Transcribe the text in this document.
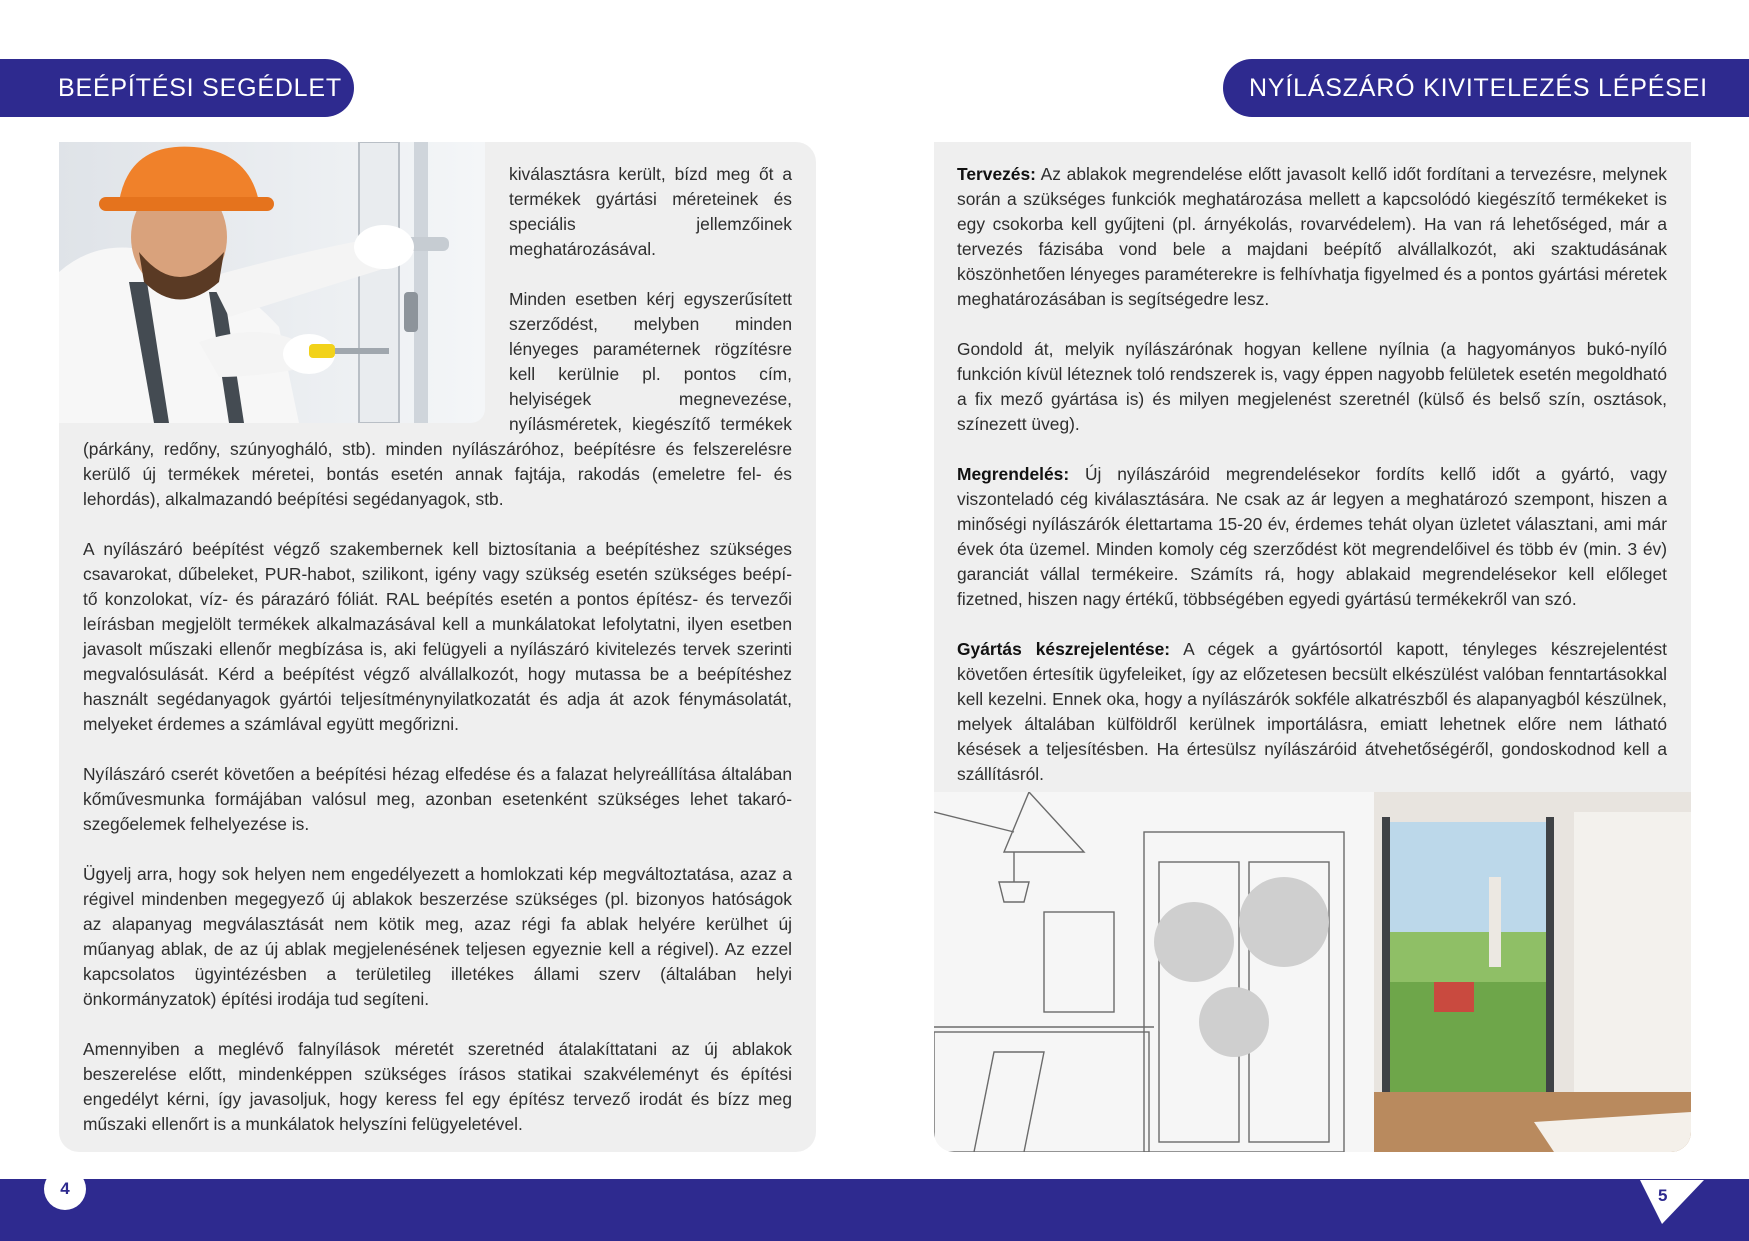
BEÉPÍTÉSI SEGÉDLET	NYÍLÁSZÁRÓ KIVITELEZÉS LÉPÉSEI

kiválasztásra került, bízd meg őt a termékek gyártási méreteinek és speciális jellemzőinek meghatározásával.

Minden esetben kérj egyszerűsített szerződést, melyben minden lényeges paraméternek rögzítésre kell kerülnie pl. pontos cím, helyiségek megnevezése, nyílásméretek, kiegészítő termékek (párkány, redőny, szúnyogháló, stb). minden nyílászáróhoz, beépítésre és felszerelésre kerülő új termékek méretei, bontás esetén annak fajtája, rakodás (emeletre fel- és lehordás), alkalmazandó beépítési segédanyagok, stb.

A nyílászáró beépítést végző szakembernek kell biztosítania a beépítéshez szükséges csavarokat, dűbeleket, PUR-habot, szilikont, igény vagy szükség esetén szükséges beépí-tő konzolokat, víz- és párazáró fóliát. RAL beépítés esetén a pontos építész- és tervezői leírásban megjelölt termékek alkalmazásával kell a munkálatokat lefolytatni, ilyen esetben javasolt műszaki ellenőr megbízása is, aki felügyeli a nyílászáró kivitelezés tervek szerinti megvalósulását. Kérd a beépítést végző alvállalkozót, hogy mutassa be a beépítéshez használt segédanyagok gyártói teljesítménynyilatkozatát és adja át azok fénymásolatát, melyeket érdemes a számlával együtt megőrizni.

Nyílászáró cserét követően a beépítési hézag elfedése és a falazat helyreállítása általában kőművesmunka formájában valósul meg, azonban esetenként szükséges lehet takaró-szegőelemek felhelyezése is.

Ügyelj arra, hogy sok helyen nem engedélyezett a homlokzati kép megváltoztatása, azaz a régivel mindenben megegyező új ablakok beszerzése szükséges (pl. bizonyos hatóságok az alapanyag megválasztását nem kötik meg, azaz régi fa ablak helyére kerülhet új műanyag ablak, de az új ablak megjelenésének teljesen egyeznie kell a régivel). Az ezzel kapcsolatos ügyintézésben a területileg illetékes állami szerv (általában helyi önkormányzatok) építési irodája tud segíteni.

Amennyiben a meglévő falnyílások méretét szeretnéd átalakíttatani az új ablakok beszerelése előtt, mindenképpen szükséges írásos statikai szakvéleményt és építési engedélyt kérni, így javasoljuk, hogy keress fel egy építész tervező irodát és bízz meg műszaki ellenőrt is a munkálatok helyszíni felügyeletével.

Tervezés: Az ablakok megrendelése előtt javasolt kellő időt fordítani a tervezésre, melynek során a szükséges funkciók meghatározása mellett a kapcsolódó kiegészítő termékeket is egy csokorba kell gyűjteni (pl. árnyékolás, rovarvédelem). Ha van rá lehetőséged, már a tervezés fázisába vond bele a majdani beépítő alvállalkozót, aki szaktudásának köszönhetően lényeges paraméterekre is felhívhatja figyelmed és a pontos gyártási méretek meghatározásában is segítségedre lesz.

Gondold át, melyik nyílászárónak hogyan kellene nyílnia (a hagyományos bukó-nyíló funkción kívül léteznek toló rendszerek is, vagy éppen nagyobb felületek esetén megoldható a fix mező gyártása is) és milyen megjelenést szeretnél (külső és belső szín, osztások, színezett üveg).

Megrendelés: Új nyílászáróid megrendelésekor fordíts kellő időt a gyártó, vagy viszonteladó cég kiválasztására. Ne csak az ár legyen a meghatározó szempont, hiszen a minőségi nyílászárók élettartama 15-20 év, érdemes tehát olyan üzletet választani, ami már évek óta üzemel. Minden komoly cég szerződést köt megrendelőivel és több év (min. 3 év) garanciát vállal termékeire. Számíts rá, hogy ablakaid megrendelésekor kell előleget fizetned, hiszen nagy értékű, többségében egyedi gyártású termékekről van szó.

Gyártás készrejelentése: A cégek a gyártósortól kapott, tényleges készrejelentést követően értesítik ügyfeleiket, így az előzetesen becsült elkészülést valóban fenntartásokkal kell kezelni. Ennek oka, hogy a nyílászárók sokféle alkatrészből és alapanyagból készülnek, melyek általában külföldről kerülnek importálásra, emiatt lehetnek előre nem látható késések a teljesítésben. Ha értesülsz nyílászáróid átvehetőségéről, gondoskodnod kell a szállításról.

4	5
